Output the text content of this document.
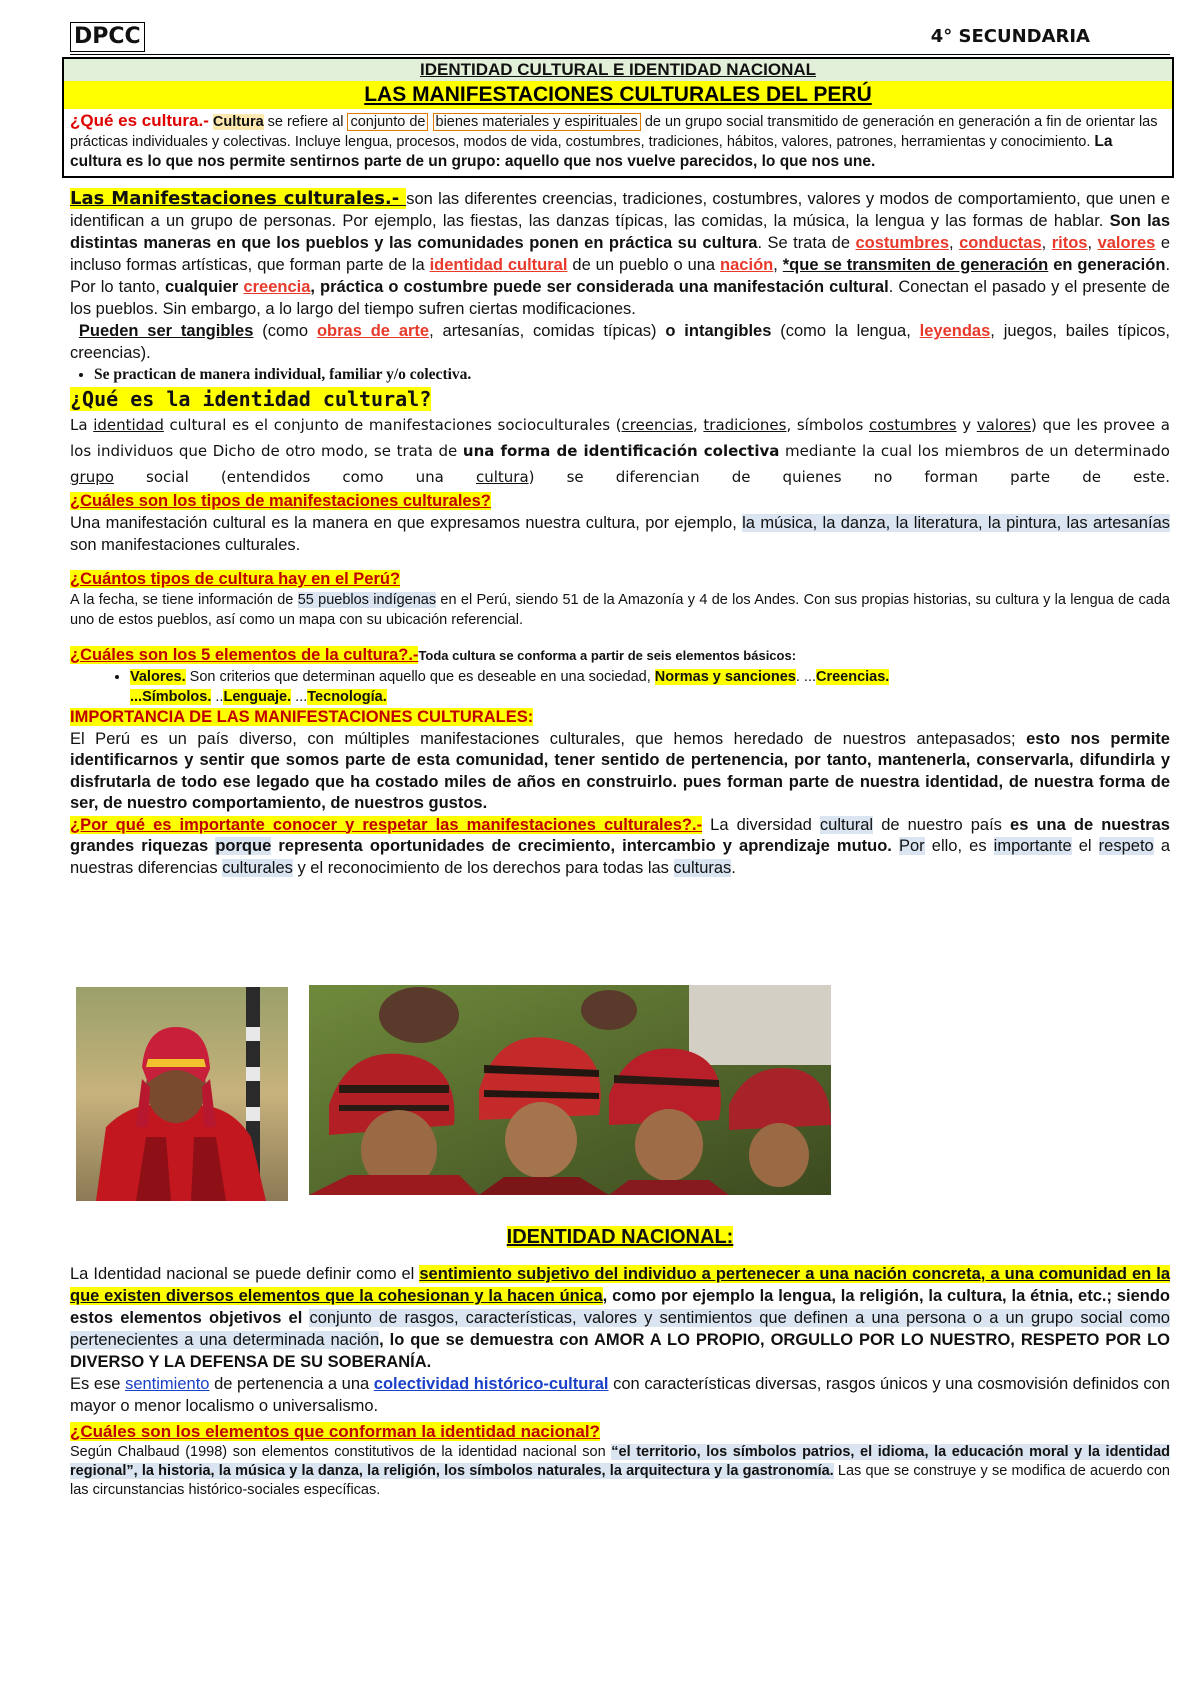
DPCC	4° SECUNDARIA
IDENTIDAD CULTURAL E IDENTIDAD NACIONAL
LAS MANIFESTACIONES CULTURALES DEL PERÚ
¿Qué es cultura.- Cultura se refiere al conjunto de bienes materiales y espirituales de un grupo social transmitido de generación en generación a fin de orientar las prácticas individuales y colectivas. Incluye lengua, procesos, modos de vida, costumbres, tradiciones, hábitos, valores, patrones, herramientas y conocimiento. La cultura es lo que nos permite sentirnos parte de un grupo: aquello que nos vuelve parecidos, lo que nos une.

Las Manifestaciones culturales.- son las diferentes creencias, tradiciones, costumbres, valores y modos de comportamiento, que unen e identifican a un grupo de personas. Por ejemplo, las fiestas, las danzas típicas, las comidas, la música, la lengua y las formas de hablar. Son las distintas maneras en que los pueblos y las comunidades ponen en práctica su cultura. Se trata de costumbres, conductas, ritos, valores e incluso formas artísticas, que forman parte de la identidad cultural de un pueblo o una nación, *que se transmiten de generación en generación. Por lo tanto, cualquier creencia, práctica o costumbre puede ser considerada una manifestación cultural. Conectan el pasado y el presente de los pueblos. Sin embargo, a lo largo del tiempo sufren ciertas modificaciones.

Pueden ser tangibles (como obras de arte, artesanías, comidas típicas) o intangibles (como la lengua, leyendas, juegos, bailes típicos, creencias).

• Se practican de manera individual, familiar y/o colectiva.

¿Qué es la identidad cultural?

La identidad cultural es el conjunto de manifestaciones socioculturales (creencias, tradiciones, símbolos costumbres y valores) que les provee a los individuos que Dicho de otro modo, se trata de una forma de identificación colectiva mediante la cual los miembros de un determinado grupo social (entendidos como una cultura) se diferencian de quienes no forman parte de este.

¿Cuáles son los tipos de manifestaciones culturales?

Una manifestación cultural es la manera en que expresamos nuestra cultura, por ejemplo, la música, la danza, la literatura, la pintura, las artesanías son manifestaciones culturales.

¿Cuántos tipos de cultura hay en el Perú?

A la fecha, se tiene información de 55 pueblos indígenas en el Perú, siendo 51 de la Amazonía y 4 de los Andes. Con sus propias historias, su cultura y la lengua de cada uno de estos pueblos, así como un mapa con su ubicación referencial.

¿Cuáles son los 5 elementos de la cultura?.-Toda cultura se conforma a partir de seis elementos básicos:

• Valores. Son criterios que determinan aquello que es deseable en una sociedad, Normas y sanciones. ...Creencias.
...Símbolos. ..Lenguaje. ...Tecnología.

IMPORTANCIA DE LAS MANIFESTACIONES CULTURALES:

El Perú es un país diverso, con múltiples manifestaciones culturales, que hemos heredado de nuestros antepasados; esto nos permite identificarnos y sentir que somos parte de esta comunidad, tener sentido de pertenencia, por tanto, mantenerla, conservarla, difundirla y disfrutarla de todo ese legado que ha costado miles de años en construirlo. pues forman parte de nuestra identidad, de nuestra forma de ser, de nuestro comportamiento, de nuestros gustos.
¿Por qué es importante conocer y respetar las manifestaciones culturales?.- La diversidad cultural de nuestro país es una de nuestras grandes riquezas porque representa oportunidades de crecimiento, intercambio y aprendizaje mutuo. Por ello, es importante el respeto a nuestras diferencias culturales y el reconocimiento de los derechos para todas las culturas.

IDENTIDAD NACIONAL:

La Identidad nacional se puede definir como el sentimiento subjetivo del individuo a pertenecer a una nación concreta, a una comunidad en la que existen diversos elementos que la cohesionan y la hacen única, como por ejemplo la lengua, la religión, la cultura, la étnia, etc.; siendo estos elementos objetivos el conjunto de rasgos, características, valores y sentimientos que definen a una persona o a un grupo social como pertenecientes a una determinada nación, lo que se demuestra con AMOR A LO PROPIO, ORGULLO POR LO NUESTRO, RESPETO POR LO DIVERSO Y LA DEFENSA DE SU SOBERANÍA.

Es ese sentimiento de pertenencia a una colectividad histórico-cultural con características diversas, rasgos únicos y una cosmovisión definidos con mayor o menor localismo o universalismo.

¿Cuáles son los elementos que conforman la identidad nacional?

Según Chalbaud (1998) son elementos constitutivos de la identidad nacional son “el territorio, los símbolos patrios, el idioma, la educación moral y la identidad regional”, la historia, la música y la danza, la religión, los símbolos naturales, la arquitectura y la gastronomía. Las que se construye y se modifica de acuerdo con las circunstancias histórico-sociales específicas.
